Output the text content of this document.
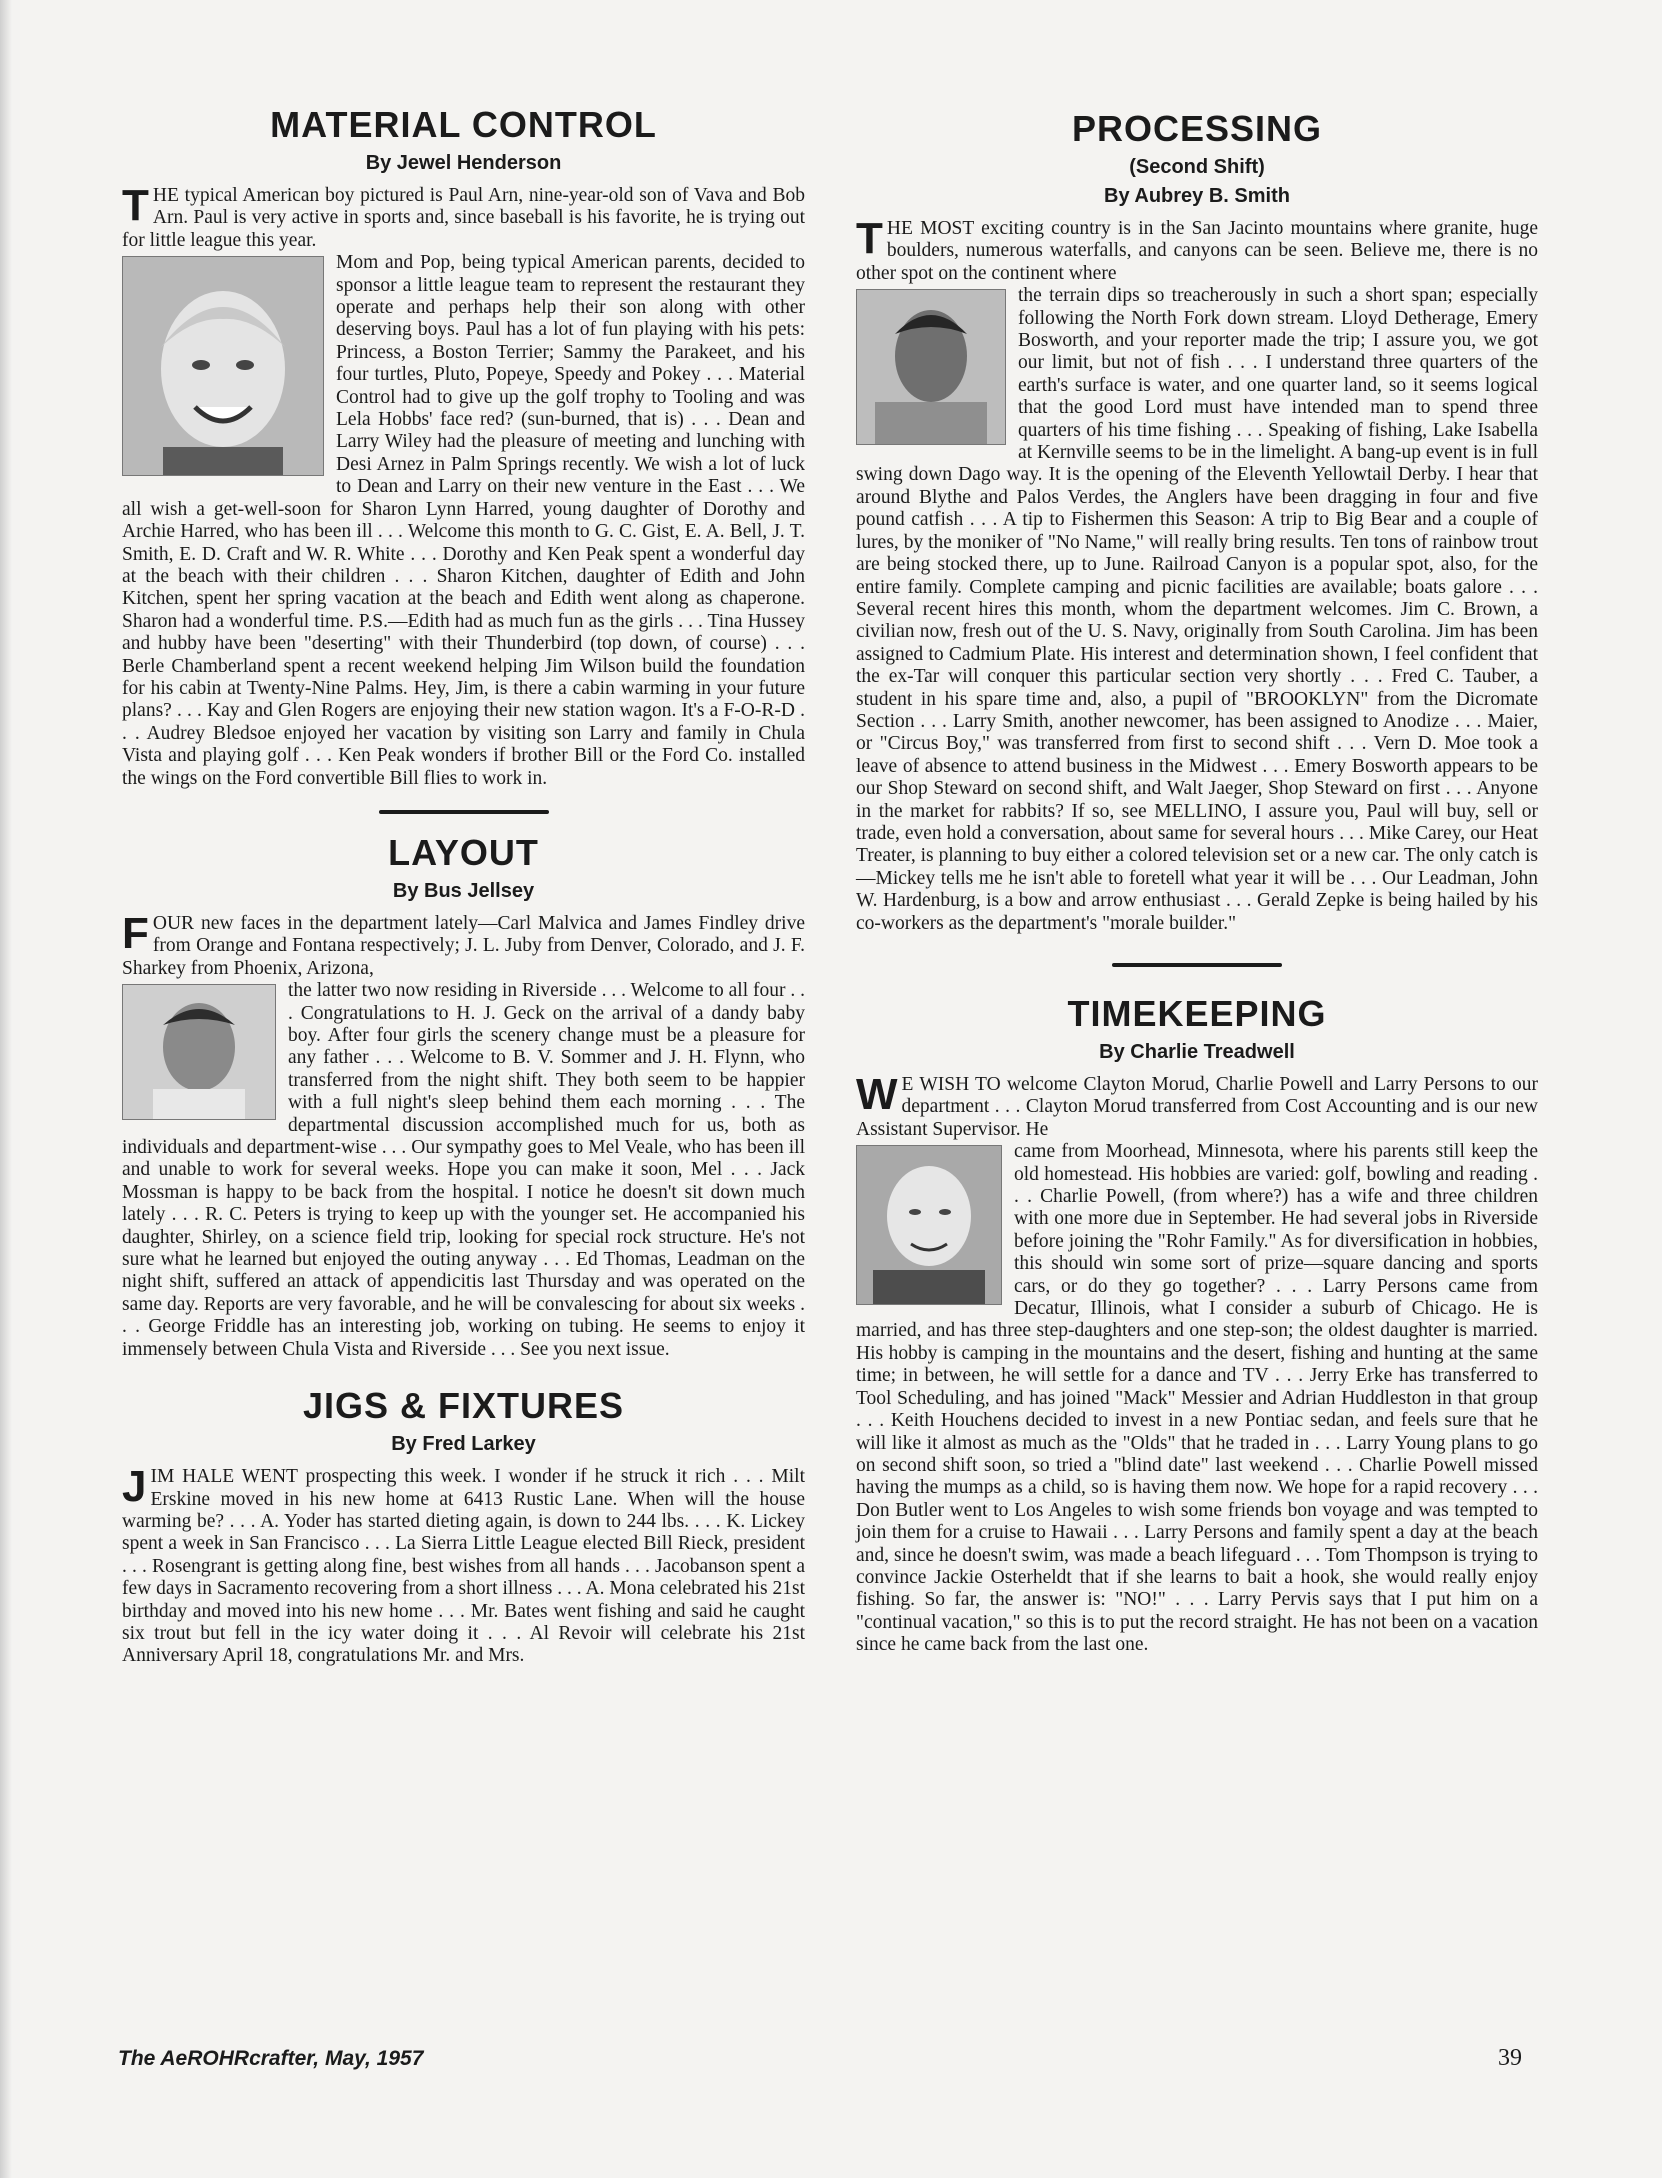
MATERIAL CONTROL
By Jewel Henderson
T HE typical American boy pictured is Paul Arn, nine-year-old son of Vava and Bob Arn. Paul is very active in sports and, since baseball is his favorite, he is trying out for little league this year.

Mom and Pop, being typical American parents, decided to sponsor a little league team to represent the restaurant they operate and perhaps help their son along with other deserving boys. Paul has a lot of fun playing with his pets: Princess, a Boston Terrier; Sammy the Parakeet, and his four turtles, Pluto, Popeye, Speedy and Pokey . . . Material Control had to give up the golf trophy to Tooling and was Lela Hobbs' face red? (sun-burned, that is) . . . Dean and Larry Wiley had the pleasure of meeting and lunching with Desi Arnez in Palm Springs recently. We wish a lot of luck to Dean and Larry on their new venture in the East . . . We all wish a get-well-soon for Sharon Lynn Harred, young daughter of Dorothy and Archie Harred, who has been ill . . . Welcome this month to G. C. Gist, E. A. Bell, J. T. Smith, E. D. Craft and W. R. White . . . Dorothy and Ken Peak spent a wonderful day at the beach with their children . . . Sharon Kitchen, daughter of Edith and John Kitchen, spent her spring vacation at the beach and Edith went along as chaperone. Sharon had a wonderful time. P.S.—Edith had as much fun as the girls . . . Tina Hussey and hubby have been "deserting" with their Thunderbird (top down, of course) . . . Berle Chamberland spent a recent weekend helping Jim Wilson build the foundation for his cabin at Twenty-Nine Palms. Hey, Jim, is there a cabin warming in your future plans? . . . Kay and Glen Rogers are enjoying their new station wagon. It's a F-O-R-D . . . Audrey Bledsoe enjoyed her vacation by visiting son Larry and family in Chula Vista and playing golf . . . Ken Peak wonders if brother Bill or the Ford Co. installed the wings on the Ford convertible Bill flies to work in.

LAYOUT
By Bus Jellsey
F OUR new faces in the department lately—Carl Malvica and James Findley drive from Orange and Fontana respectively; J. L. Juby from Denver, Colorado, and J. F. Sharkey from Phoenix, Arizona,

the latter two now residing in Riverside . . . Welcome to all four . . . Congratulations to H. J. Geck on the arrival of a dandy baby boy. After four girls the scenery change must be a pleasure for any father . . . Welcome to B. V. Sommer and J. H. Flynn, who transferred from the night shift. They both seem to be happier with a full night's sleep behind them each morning . . . The departmental discussion accomplished much for us, both as individuals and department-wise . . . Our sympathy goes to Mel Veale, who has been ill and unable to work for several weeks. Hope you can make it soon, Mel . . . Jack Mossman is happy to be back from the hospital. I notice he doesn't sit down much lately . . . R. C. Peters is trying to keep up with the younger set. He accompanied his daughter, Shirley, on a science field trip, looking for special rock structure. He's not sure what he learned but enjoyed the outing anyway . . . Ed Thomas, Leadman on the night shift, suffered an attack of appendicitis last Thursday and was operated on the same day. Reports are very favorable, and he will be convalescing for about six weeks . . . George Friddle has an interesting job, working on tubing. He seems to enjoy it immensely between Chula Vista and Riverside . . . See you next issue.

JIGS & FIXTURES
By Fred Larkey
J IM HALE WENT prospecting this week. I wonder if he struck it rich . . . Milt Erskine moved in his new home at 6413 Rustic Lane. When will the house warming be? . . . A. Yoder has started dieting again, is down to 244 lbs. . . . K. Lickey spent a week in San Francisco . . . La Sierra Little League elected Bill Rieck, president . . . Rosengrant is getting along fine, best wishes from all hands . . . Jacobanson spent a few days in Sacramento recovering from a short illness . . . A. Mona celebrated his 21st birthday and moved into his new home . . . Mr. Bates went fishing and said he caught six trout but fell in the icy water doing it . . . Al Revoir will celebrate his 21st Anniversary April 18, congratulations Mr. and Mrs.

PROCESSING
(Second Shift)
By Aubrey B. Smith
T HE MOST exciting country is in the San Jacinto mountains where granite, huge boulders, numerous waterfalls, and canyons can be seen. Believe me, there is no other spot on the continent where

the terrain dips so treacherously in such a short span; especially following the North Fork down stream. Lloyd Detherage, Emery Bosworth, and your reporter made the trip; I assure you, we got our limit, but not of fish . . . I understand three quarters of the earth's surface is water, and one quarter land, so it seems logical that the good Lord must have intended man to spend three quarters of his time fishing . . . Speaking of fishing, Lake Isabella at Kernville seems to be in the limelight. A bang-up event is in full swing down Dago way. It is the opening of the Eleventh Yellowtail Derby. I hear that around Blythe and Palos Verdes, the Anglers have been dragging in four and five pound catfish . . . A tip to Fishermen this Season: A trip to Big Bear and a couple of lures, by the moniker of "No Name," will really bring results. Ten tons of rainbow trout are being stocked there, up to June. Railroad Canyon is a popular spot, also, for the entire family. Complete camping and picnic facilities are available; boats galore . . . Several recent hires this month, whom the department welcomes. Jim C. Brown, a civilian now, fresh out of the U. S. Navy, originally from South Carolina. Jim has been assigned to Cadmium Plate. His interest and determination shown, I feel confident that the ex-Tar will conquer this particular section very shortly . . . Fred C. Tauber, a student in his spare time and, also, a pupil of "BROOKLYN" from the Dicromate Section . . . Larry Smith, another newcomer, has been assigned to Anodize . . . Maier, or "Circus Boy," was transferred from first to second shift . . . Vern D. Moe took a leave of absence to attend business in the Midwest . . . Emery Bosworth appears to be our Shop Steward on second shift, and Walt Jaeger, Shop Steward on first . . . Anyone in the market for rabbits? If so, see MELLINO, I assure you, Paul will buy, sell or trade, even hold a conversation, about same for several hours . . . Mike Carey, our Heat Treater, is planning to buy either a colored television set or a new car. The only catch is—Mickey tells me he isn't able to foretell what year it will be . . . Our Leadman, John W. Hardenburg, is a bow and arrow enthusiast . . . Gerald Zepke is being hailed by his co-workers as the department's "morale builder."

TIMEKEEPING
By Charlie Treadwell
W E WISH TO welcome Clayton Morud, Charlie Powell and Larry Persons to our department . . . Clayton Morud transferred from Cost Accounting and is our new Assistant Supervisor. He

came from Moorhead, Minnesota, where his parents still keep the old homestead. His hobbies are varied: golf, bowling and reading . . . Charlie Powell, (from where?) has a wife and three children with one more due in September. He had several jobs in Riverside before joining the "Rohr Family." As for diversification in hobbies, this should win some sort of prize—square dancing and sports cars, or do they go together? . . . Larry Persons came from Decatur, Illinois, what I consider a suburb of Chicago. He is married, and has three step-daughters and one step-son; the oldest daughter is married. His hobby is camping in the mountains and the desert, fishing and hunting at the same time; in between, he will settle for a dance and TV . . . Jerry Erke has transferred to Tool Scheduling, and has joined "Mack" Messier and Adrian Huddleston in that group . . . Keith Houchens decided to invest in a new Pontiac sedan, and feels sure that he will like it almost as much as the "Olds" that he traded in . . . Larry Young plans to go on second shift soon, so tried a "blind date" last weekend . . . Charlie Powell missed having the mumps as a child, so is having them now. We hope for a rapid recovery . . . Don Butler went to Los Angeles to wish some friends bon voyage and was tempted to join them for a cruise to Hawaii . . . Larry Persons and family spent a day at the beach and, since he doesn't swim, was made a beach lifeguard . . . Tom Thompson is trying to convince Jackie Osterheldt that if she learns to bait a hook, she would really enjoy fishing. So far, the answer is: "NO!" . . . Larry Pervis says that I put him on a "continual vacation," so this is to put the record straight. He has not been on a vacation since he came back from the last one.

The AeROHRcrafter, May, 1957	39
